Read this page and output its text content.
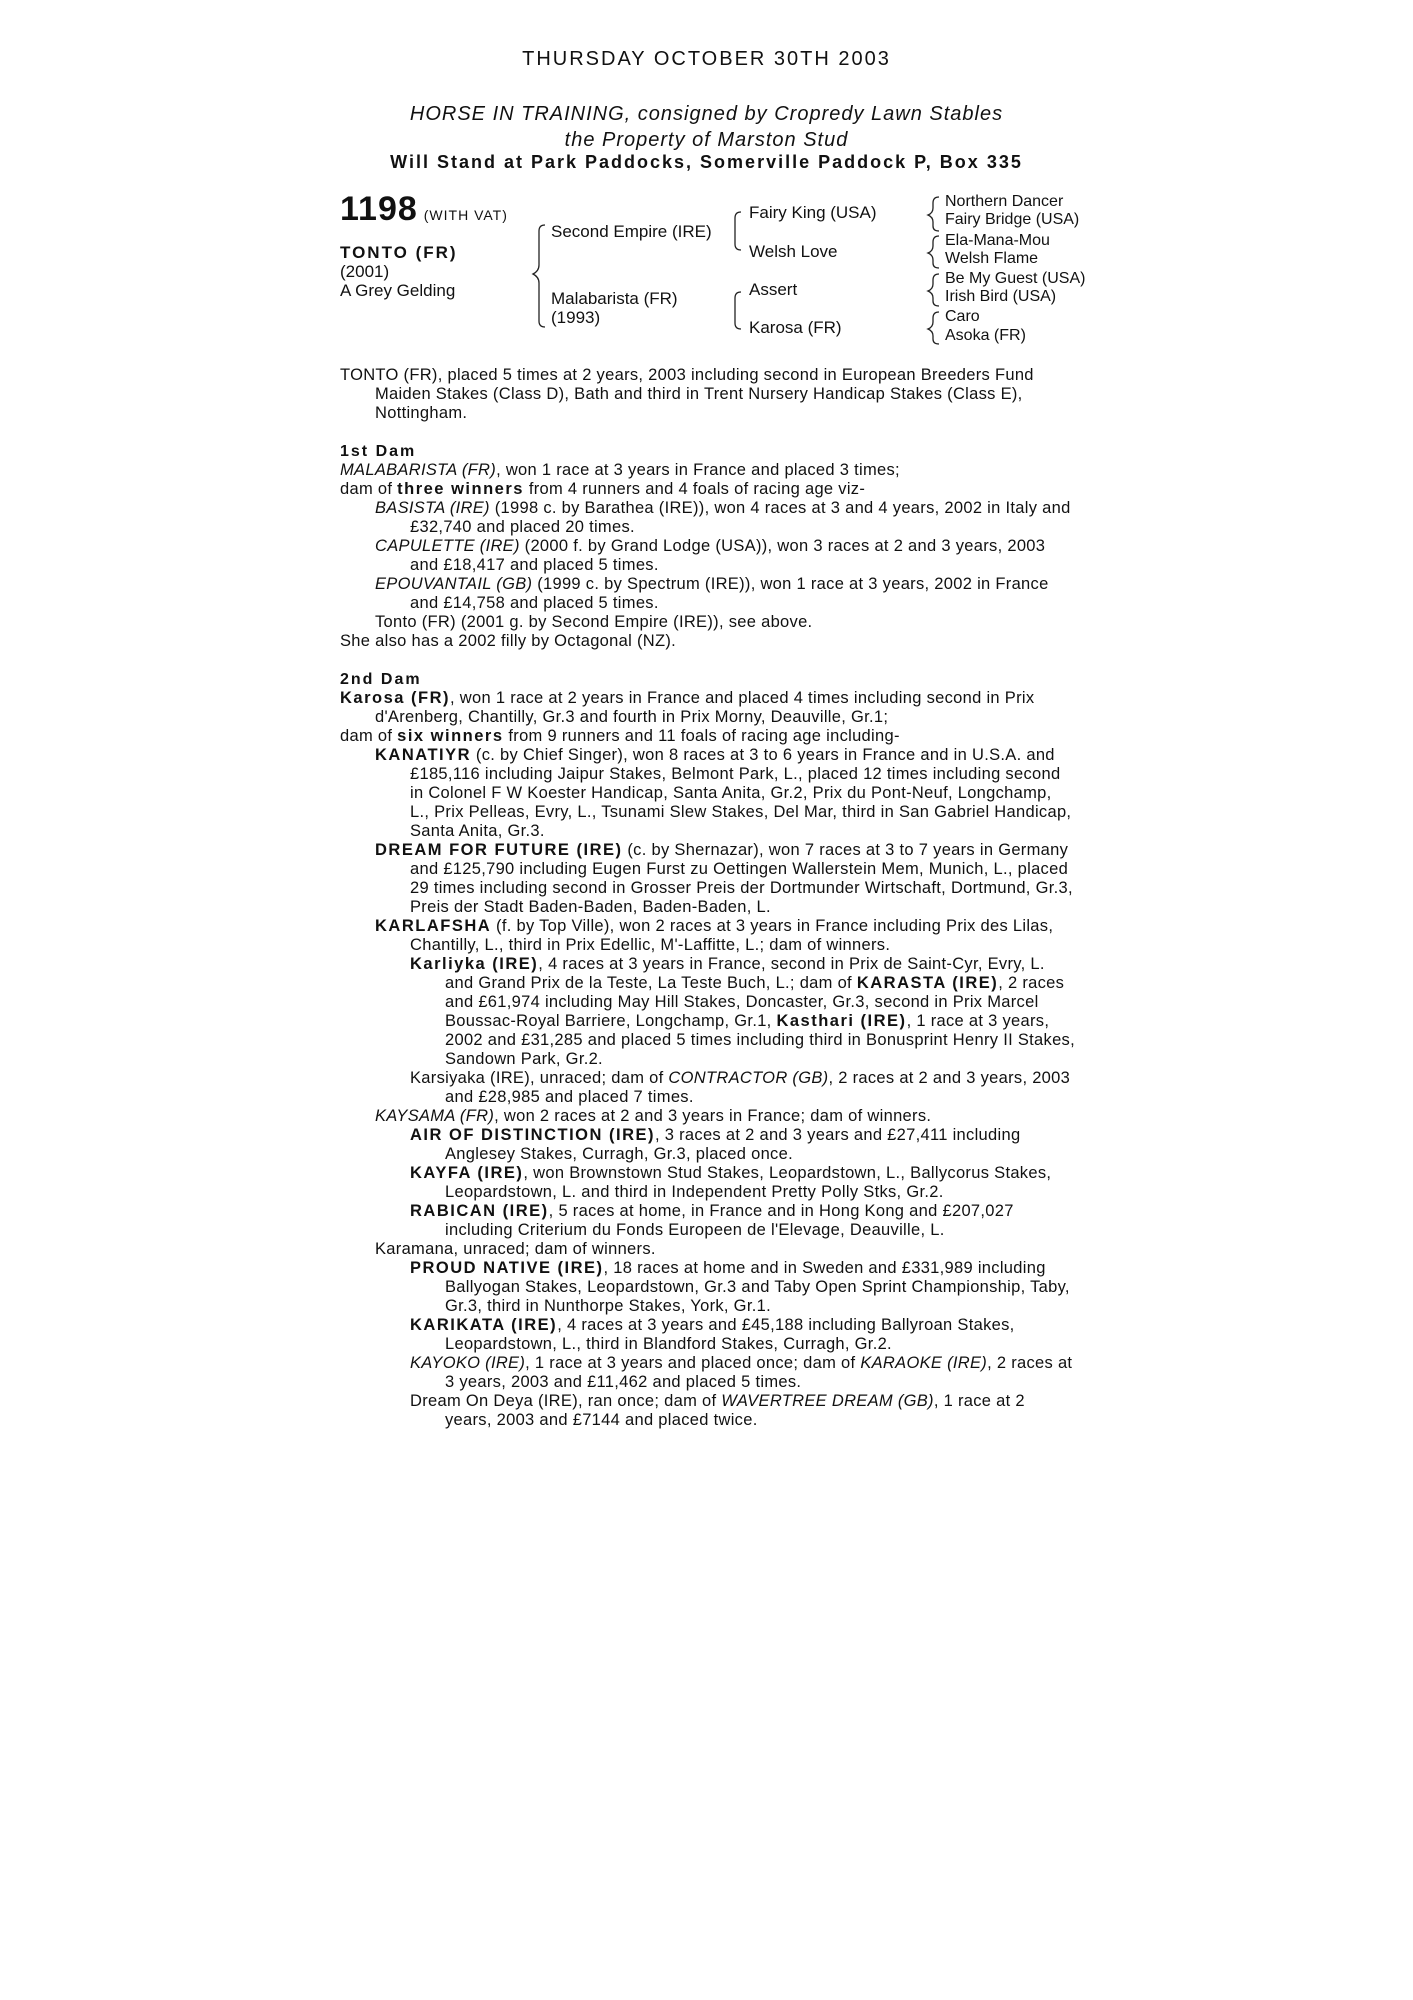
THURSDAY OCTOBER 30TH 2003
HORSE IN TRAINING, consigned by Cropredy Lawn Stables
the Property of Marston Stud
Will Stand at Park Paddocks, Somerville Paddock P, Box 335
1198 (WITH VAT)
TONTO (FR)
(2001)
A Grey Gelding
Second Empire (IRE)
Malabarista (FR)
(1993)
Fairy King (USA)
Welsh Love
Assert
Karosa (FR)
Northern Dancer
Fairy Bridge (USA)
Ela-Mana-Mou
Welsh Flame
Be My Guest (USA)
Irish Bird (USA)
Caro
Asoka (FR)

TONTO (FR), placed 5 times at 2 years, 2003 including second in European Breeders Fund Maiden Stakes (Class D), Bath and third in Trent Nursery Handicap Stakes (Class E), Nottingham.

1st Dam

MALABARISTA (FR), won 1 race at 3 years in France and placed 3 times;

dam of three winners from 4 runners and 4 foals of racing age viz-

BASISTA (IRE) (1998 c. by Barathea (IRE)), won 4 races at 3 and 4 years, 2002 in Italy and £32,740 and placed 20 times.

CAPULETTE (IRE) (2000 f. by Grand Lodge (USA)), won 3 races at 2 and 3 years, 2003 and £18,417 and placed 5 times.

EPOUVANTAIL (GB) (1999 c. by Spectrum (IRE)), won 1 race at 3 years, 2002 in France and £14,758 and placed 5 times.

Tonto (FR) (2001 g. by Second Empire (IRE)), see above.

She also has a 2002 filly by Octagonal (NZ).

2nd Dam

Karosa (FR), won 1 race at 2 years in France and placed 4 times including second in Prix d'Arenberg, Chantilly, Gr.3 and fourth in Prix Morny, Deauville, Gr.1;

dam of six winners from 9 runners and 11 foals of racing age including-

KANATIYR (c. by Chief Singer), won 8 races at 3 to 6 years in France and in U.S.A. and £185,116 including Jaipur Stakes, Belmont Park, L., placed 12 times including second in Colonel F W Koester Handicap, Santa Anita, Gr.2, Prix du Pont-Neuf, Longchamp, L., Prix Pelleas, Evry, L., Tsunami Slew Stakes, Del Mar, third in San Gabriel Handicap, Santa Anita, Gr.3.

DREAM FOR FUTURE (IRE) (c. by Shernazar), won 7 races at 3 to 7 years in Germany and £125,790 including Eugen Furst zu Oettingen Wallerstein Mem, Munich, L., placed 29 times including second in Grosser Preis der Dortmunder Wirtschaft, Dortmund, Gr.3, Preis der Stadt Baden-Baden, Baden-Baden, L.

KARLAFSHA (f. by Top Ville), won 2 races at 3 years in France including Prix des Lilas, Chantilly, L., third in Prix Edellic, M'-Laffitte, L.; dam of winners.

Karliyka (IRE), 4 races at 3 years in France, second in Prix de Saint-Cyr, Evry, L. and Grand Prix de la Teste, La Teste Buch, L.; dam of KARASTA (IRE), 2 races and £61,974 including May Hill Stakes, Doncaster, Gr.3, second in Prix Marcel Boussac-Royal Barriere, Longchamp, Gr.1, Kasthari (IRE), 1 race at 3 years, 2002 and £31,285 and placed 5 times including third in Bonusprint Henry II Stakes, Sandown Park, Gr.2.

Karsiyaka (IRE), unraced; dam of CONTRACTOR (GB), 2 races at 2 and 3 years, 2003 and £28,985 and placed 7 times.

KAYSAMA (FR), won 2 races at 2 and 3 years in France; dam of winners.

AIR OF DISTINCTION (IRE), 3 races at 2 and 3 years and £27,411 including Anglesey Stakes, Curragh, Gr.3, placed once.

KAYFA (IRE), won Brownstown Stud Stakes, Leopardstown, L., Ballycorus Stakes, Leopardstown, L. and third in Independent Pretty Polly Stks, Gr.2.

RABICAN (IRE), 5 races at home, in France and in Hong Kong and £207,027 including Criterium du Fonds Europeen de l'Elevage, Deauville, L.

Karamana, unraced; dam of winners.

PROUD NATIVE (IRE), 18 races at home and in Sweden and £331,989 including Ballyogan Stakes, Leopardstown, Gr.3 and Taby Open Sprint Championship, Taby, Gr.3, third in Nunthorpe Stakes, York, Gr.1.

KARIKATA (IRE), 4 races at 3 years and £45,188 including Ballyroan Stakes, Leopardstown, L., third in Blandford Stakes, Curragh, Gr.2.

KAYOKO (IRE), 1 race at 3 years and placed once; dam of KARAOKE (IRE), 2 races at 3 years, 2003 and £11,462 and placed 5 times.

Dream On Deya (IRE), ran once; dam of WAVERTREE DREAM (GB), 1 race at 2 years, 2003 and £7144 and placed twice.
